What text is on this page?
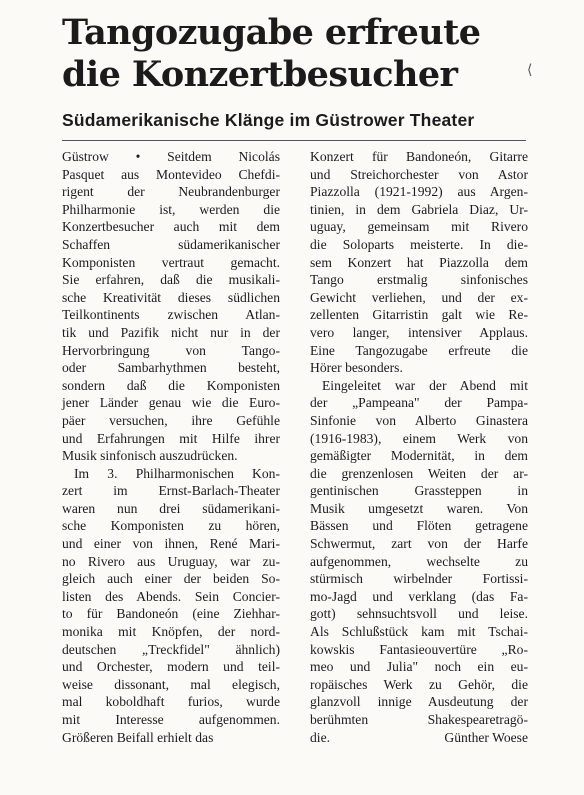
Tangozugabe erfreute
die Konzertbesucher	⟨
Südamerikanische Klänge im Güstrower Theater

Güstrow • Seitdem Nicolás
Pasquet aus Montevideo Chefdi-
rigent der Neubrandenburger
Philharmonie ist, werden die
Konzertbesucher auch mit dem
Schaffen südamerikanischer
Komponisten vertraut gemacht.
Sie erfahren, daß die musikali-
sche Kreativität dieses südlichen
Teilkontinents zwischen Atlan-
tik und Pazifik nicht nur in der
Hervorbringung von Tango-
oder Sambarhythmen besteht,
sondern daß die Komponisten
jener Länder genau wie die Euro-
päer versuchen, ihre Gefühle
und Erfahrungen mit Hilfe ihrer
Musik sinfonisch auszudrücken.

Im 3. Philharmonischen Kon-
zert im Ernst-Barlach-Theater
waren nun drei südamerikani-
sche Komponisten zu hören,
und einer von ihnen, René Mari-
no Rivero aus Uruguay, war zu-
gleich auch einer der beiden So-
listen des Abends. Sein Concier-
to für Bandoneón (eine Ziehhar-
monika mit Knöpfen, der nord-
deutschen „Treckfidel" ähnlich)
und Orchester, modern und teil-
weise dissonant, mal elegisch,
mal koboldhaft furios, wurde
mit Interesse aufgenommen.
Größeren Beifall erhielt das

Konzert für Bandoneón, Gitarre
und Streichorchester von Astor
Piazzolla (1921-1992) aus Argen-
tinien, in dem Gabriela Diaz, Ur-
uguay, gemeinsam mit Rivero
die Soloparts meisterte. In die-
sem Konzert hat Piazzolla dem
Tango erstmalig sinfonisches
Gewicht verliehen, und der ex-
zellenten Gitarristin galt wie Re-
vero langer, intensiver Applaus.
Eine Tangozugabe erfreute die
Hörer besonders.

Eingeleitet war der Abend mit
der „Pampeana" der Pampa-
Sinfonie von Alberto Ginastera
(1916-1983), einem Werk von
gemäßigter Modernität, in dem
die grenzenlosen Weiten der ar-
gentinischen Grassteppen in
Musik umgesetzt waren. Von
Bässen und Flöten getragene
Schwermut, zart von der Harfe
aufgenommen, wechselte zu
stürmisch wirbelnder Fortissi-
mo-Jagd und verklang (das Fa-
gott) sehnsuchtsvoll und leise.
Als Schlußstück kam mit Tschai-
kowskis Fantasieouvertüre „Ro-
meo und Julia" noch ein eu-
ropäisches Werk zu Gehör, die
glanzvoll innige Ausdeutung der
berühmten Shakespearetragö-
die.	Günther Woese
